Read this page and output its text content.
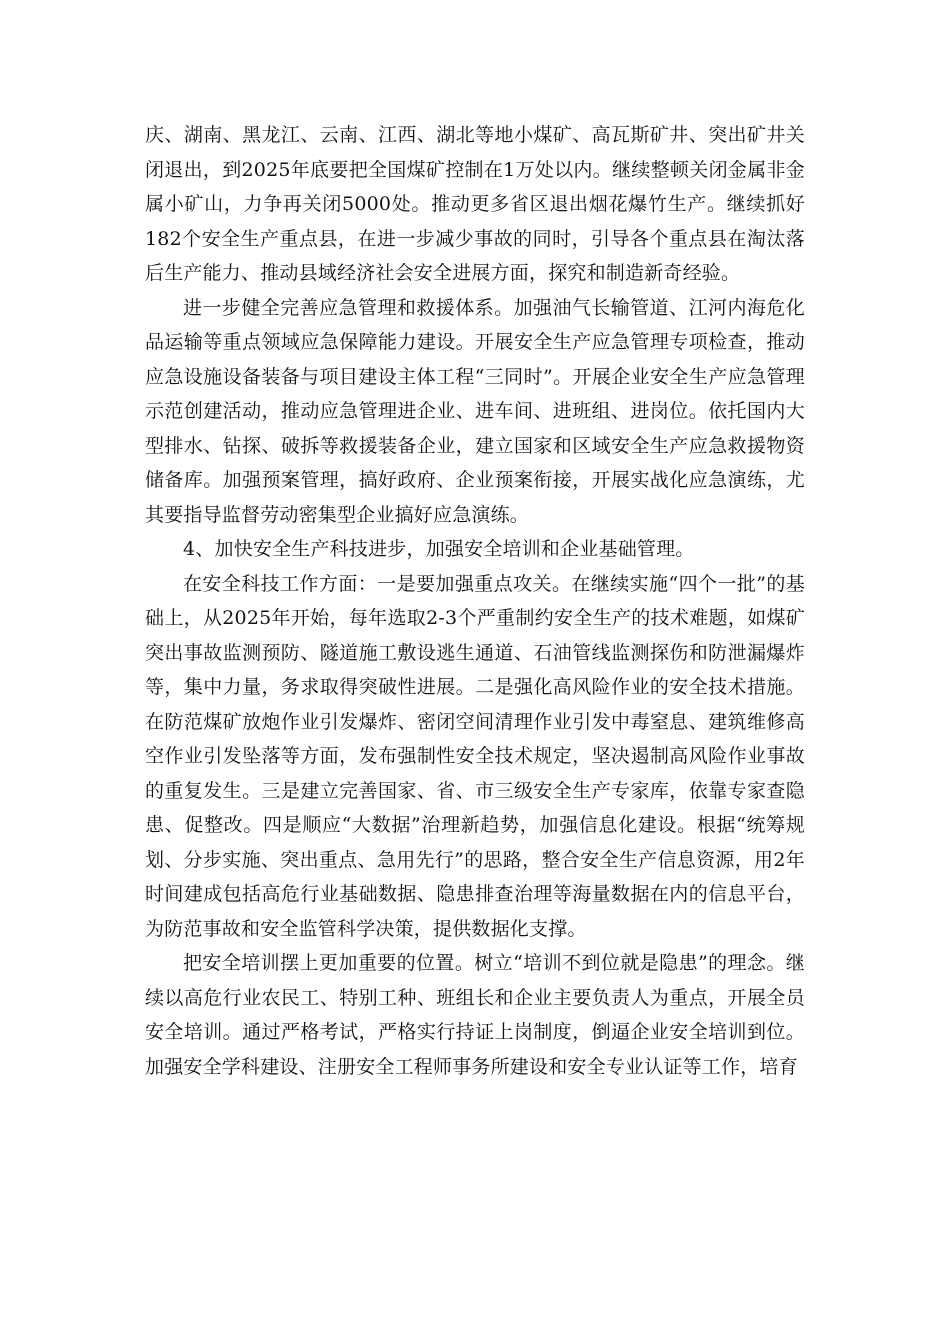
庆、湖南、黑龙江、云南、江西、湖北等地小煤矿、高瓦斯矿井、突出矿井关闭退出，到2025年底要把全国煤矿控制在1万处以内。继续整顿关闭金属非金属小矿山，力争再关闭5000处。推动更多省区退出烟花爆竹生产。继续抓好182个安全生产重点县，在进一步减少事故的同时，引导各个重点县在淘汰落后生产能力、推动县域经济社会安全进展方面，探究和制造新奇经验。

进一步健全完善应急管理和救援体系。加强油气长输管道、江河内海危化品运输等重点领域应急保障能力建设。开展安全生产应急管理专项检查，推动应急设施设备装备与项目建设主体工程“三同时”。开展企业安全生产应急管理示范创建活动，推动应急管理进企业、进车间、进班组、进岗位。依托国内大型排水、钻探、破拆等救援装备企业，建立国家和区域安全生产应急救援物资储备库。加强预案管理，搞好政府、企业预案衔接，开展实战化应急演练，尤其要指导监督劳动密集型企业搞好应急演练。

4、加快安全生产科技进步，加强安全培训和企业基础管理。

在安全科技工作方面：一是要加强重点攻关。在继续实施“四个一批”的基础上，从2025年开始，每年选取2-3个严重制约安全生产的技术难题，如煤矿突出事故监测预防、隧道施工敷设逃生通道、石油管线监测探伤和防泄漏爆炸等，集中力量，务求取得突破性进展。二是强化高风险作业的安全技术措施。在防范煤矿放炮作业引发爆炸、密闭空间清理作业引发中毒窒息、建筑维修高空作业引发坠落等方面，发布强制性安全技术规定，坚决遏制高风险作业事故的重复发生。三是建立完善国家、省、市三级安全生产专家库，依靠专家查隐患、促整改。四是顺应“大数据”治理新趋势，加强信息化建设。根据“统筹规划、分步实施、突出重点、急用先行”的思路，整合安全生产信息资源，用2年时间建成包括高危行业基础数据、隐患排查治理等海量数据在内的信息平台，为防范事故和安全监管科学决策，提供数据化支撑。

把安全培训摆上更加重要的位置。树立“培训不到位就是隐患”的理念。继续以高危行业农民工、特别工种、班组长和企业主要负责人为重点，开展全员安全培训。通过严格考试，严格实行持证上岗制度，倒逼企业安全培训到位。加强安全学科建设、注册安全工程师事务所建设和安全专业认证等工作，培育
